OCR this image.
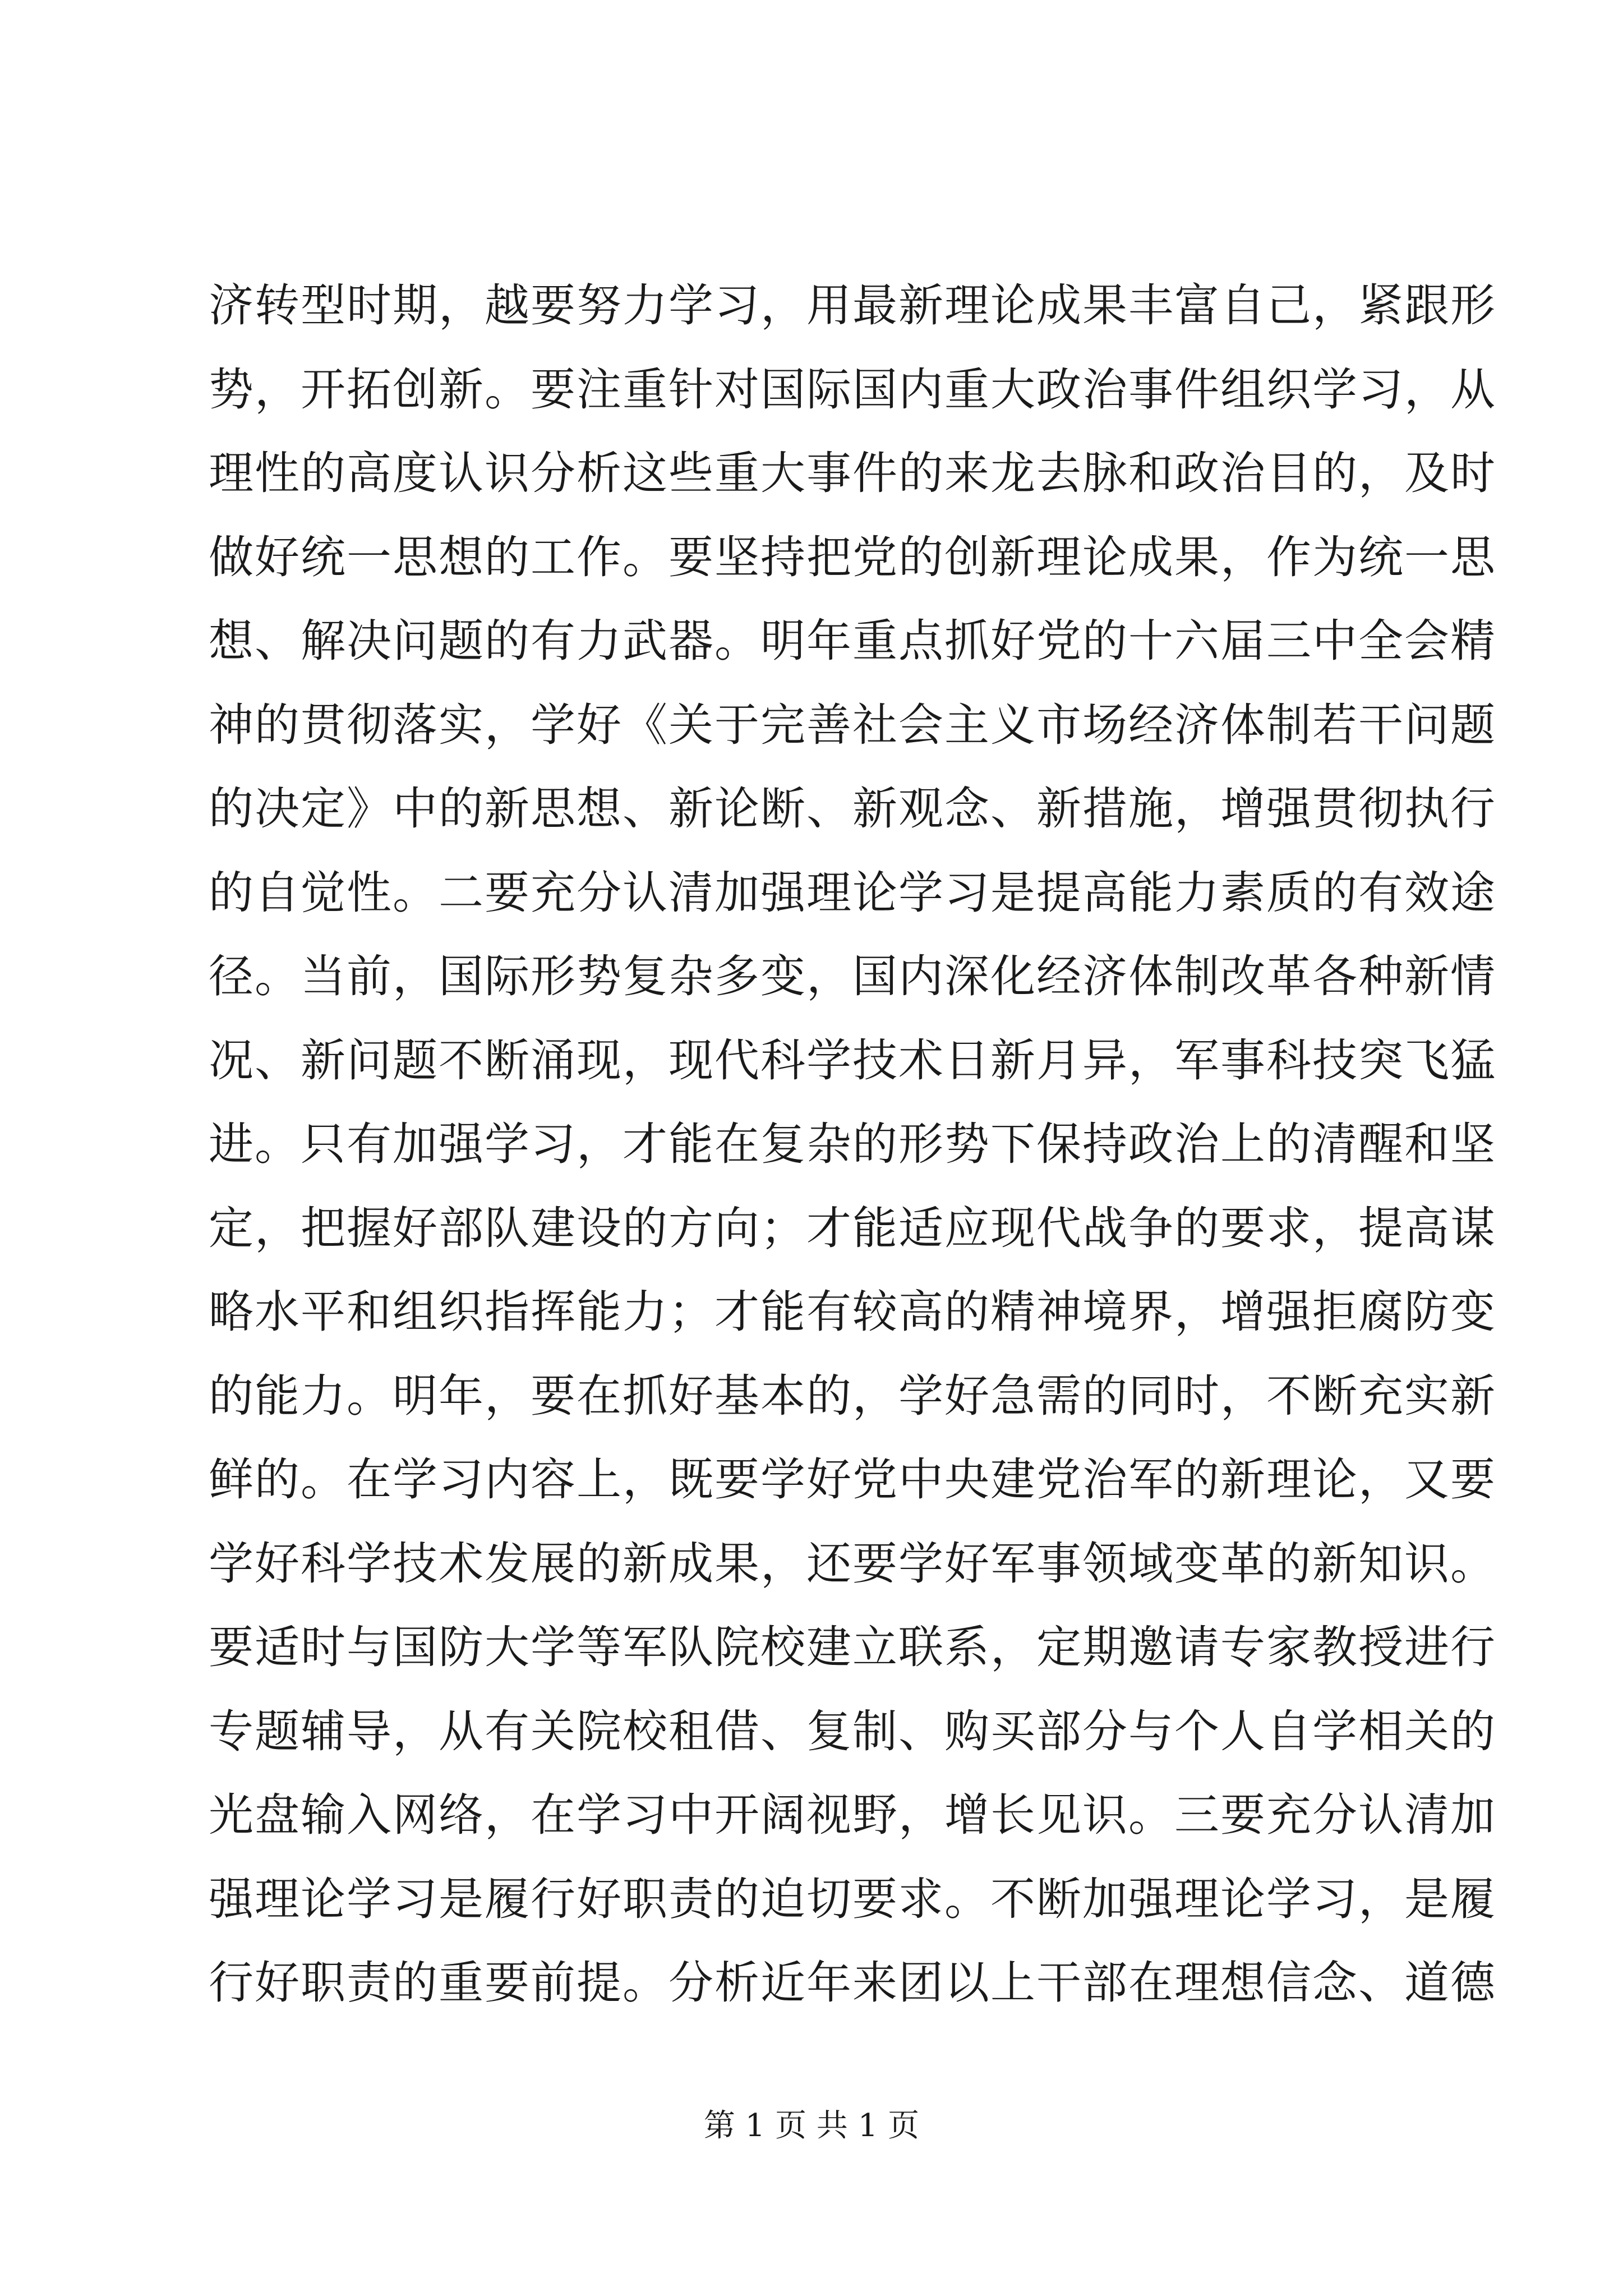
济转型时期，越要努力学习，用最新理论成果丰富自己，紧跟形
势，开拓创新。要注重针对国际国内重大政治事件组织学习，从
理性的高度认识分析这些重大事件的来龙去脉和政治目的，及时
做好统一思想的工作。要坚持把党的创新理论成果，作为统一思
想、解决问题的有力武器。明年重点抓好党的十六届三中全会精
神的贯彻落实，学好《关于完善社会主义市场经济体制若干问题
的决定》中的新思想、新论断、新观念、新措施，增强贯彻执行
的自觉性。二要充分认清加强理论学习是提高能力素质的有效途
径。当前，国际形势复杂多变，国内深化经济体制改革各种新情
况、新问题不断涌现，现代科学技术日新月异，军事科技突飞猛
进。只有加强学习，才能在复杂的形势下保持政治上的清醒和坚
定，把握好部队建设的方向；才能适应现代战争的要求，提高谋
略水平和组织指挥能力；才能有较高的精神境界，增强拒腐防变
的能力。明年，要在抓好基本的，学好急需的同时，不断充实新
鲜的。在学习内容上，既要学好党中央建党治军的新理论，又要
学好科学技术发展的新成果，还要学好军事领域变革的新知识。
要适时与国防大学等军队院校建立联系，定期邀请专家教授进行
专题辅导，从有关院校租借、复制、购买部分与个人自学相关的
光盘输入网络，在学习中开阔视野，增长见识。三要充分认清加
强理论学习是履行好职责的迫切要求。不断加强理论学习，是履
行好职责的重要前提。分析近年来团以上干部在理想信念、道德
第 1 页 共 1 页
